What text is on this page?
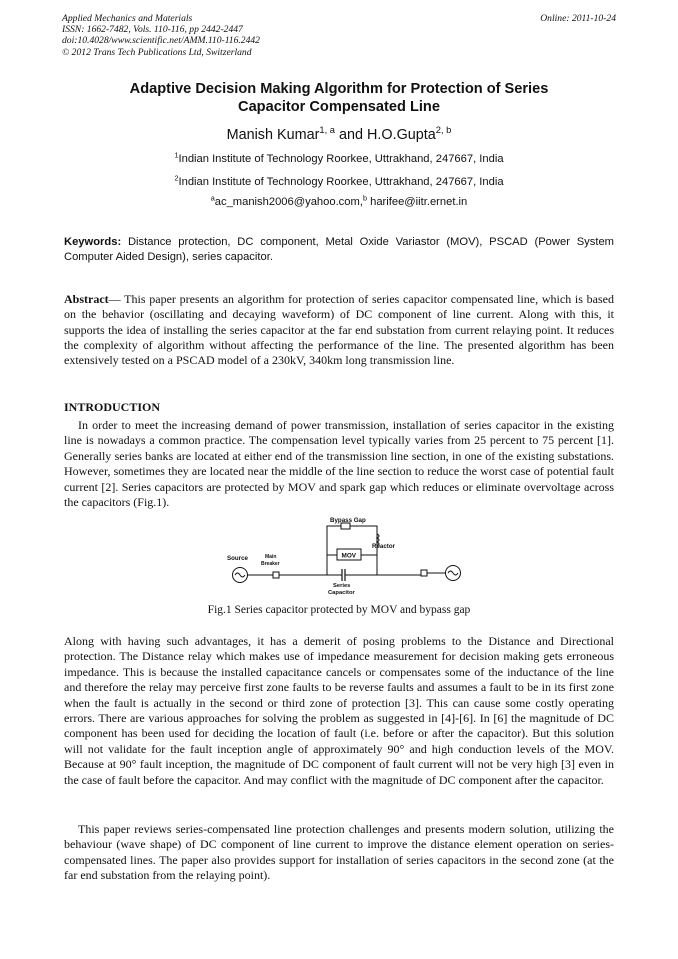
Applied Mechanics and Materials
ISSN: 1662-7482, Vols. 110-116, pp 2442-2447
doi:10.4028/www.scientific.net/AMM.110-116.2442
© 2012 Trans Tech Publications Ltd, Switzerland
Online: 2011-10-24
Adaptive Decision Making Algorithm for Protection of Series
Capacitor Compensated Line
Manish Kumar$^{1, a}$ and H.O.Gupta$^{2, b}$
$^1$Indian Institute of Technology Roorkee, Uttrakhand, 247667, India
$^2$Indian Institute of Technology Roorkee, Uttrakhand, 247667, India
$^a$ac_manish2006@yahoo.com,$^b$ harifee@iitr.ernet.in
Keywords: Distance protection, DC component, Metal Oxide Variastor (MOV), PSCAD (Power System Computer Aided Design), series capacitor.
Abstract— This paper presents an algorithm for protection of series capacitor compensated line, which is based on the behavior (oscillating and decaying waveform) of DC component of line current. Along with this, it supports the idea of installing the series capacitor at the far end substation from current relaying point. It reduces the complexity of algorithm without affecting the performance of the line. The presented algorithm has been extensively tested on a PSCAD model of a 230kV, 340km long transmission line.
INTRODUCTION
In order to meet the increasing demand of power transmission, installation of series capacitor in the existing line is nowadays a common practice. The compensation level typically varies from 25 percent to 75 percent [1]. Generally series banks are located at either end of the transmission line section, in one of the existing substations. However, sometimes they are located near the middle of the line section to reduce the worst case of potential fault current [2]. Series capacitors are protected by MOV and spark gap which reduces or eliminate overvoltage across the capacitors (Fig.1).
Bypass Gap
Reactor
MOV
Source	Main
Breaker
Series
Capacitor
Fig.1 Series capacitor protected by MOV and bypass gap
Along with having such advantages, it has a demerit of posing problems to the Distance and Directional protection. The Distance relay which makes use of impedance measurement for decision making gets erroneous impedance. This is because the installed capacitance cancels or compensates some of the inductance of the line and therefore the relay may perceive first zone faults to be reverse faults and assumes a fault to be in its first zone when the fault is actually in the second or third zone of protection [3]. This can cause some costly operating errors. There are various approaches for solving the problem as suggested in [4]-[6]. In [6] the magnitude of DC component has been used for deciding the location of fault (i.e. before or after the capacitor). But this solution will not validate for the fault inception angle of approximately 90° and high conduction levels of the MOV. Because at 90° fault inception, the magnitude of DC component of fault current will not be very high [3] even in the case of fault before the capacitor. And may conflict with the magnitude of DC component after the capacitor.
This paper reviews series-compensated line protection challenges and presents modern solution, utilizing the behaviour (wave shape) of DC component of line current to improve the distance element operation on series-compensated lines. The paper also provides support for installation of series capacitors in the second zone (at the far end substation from the relaying point).
